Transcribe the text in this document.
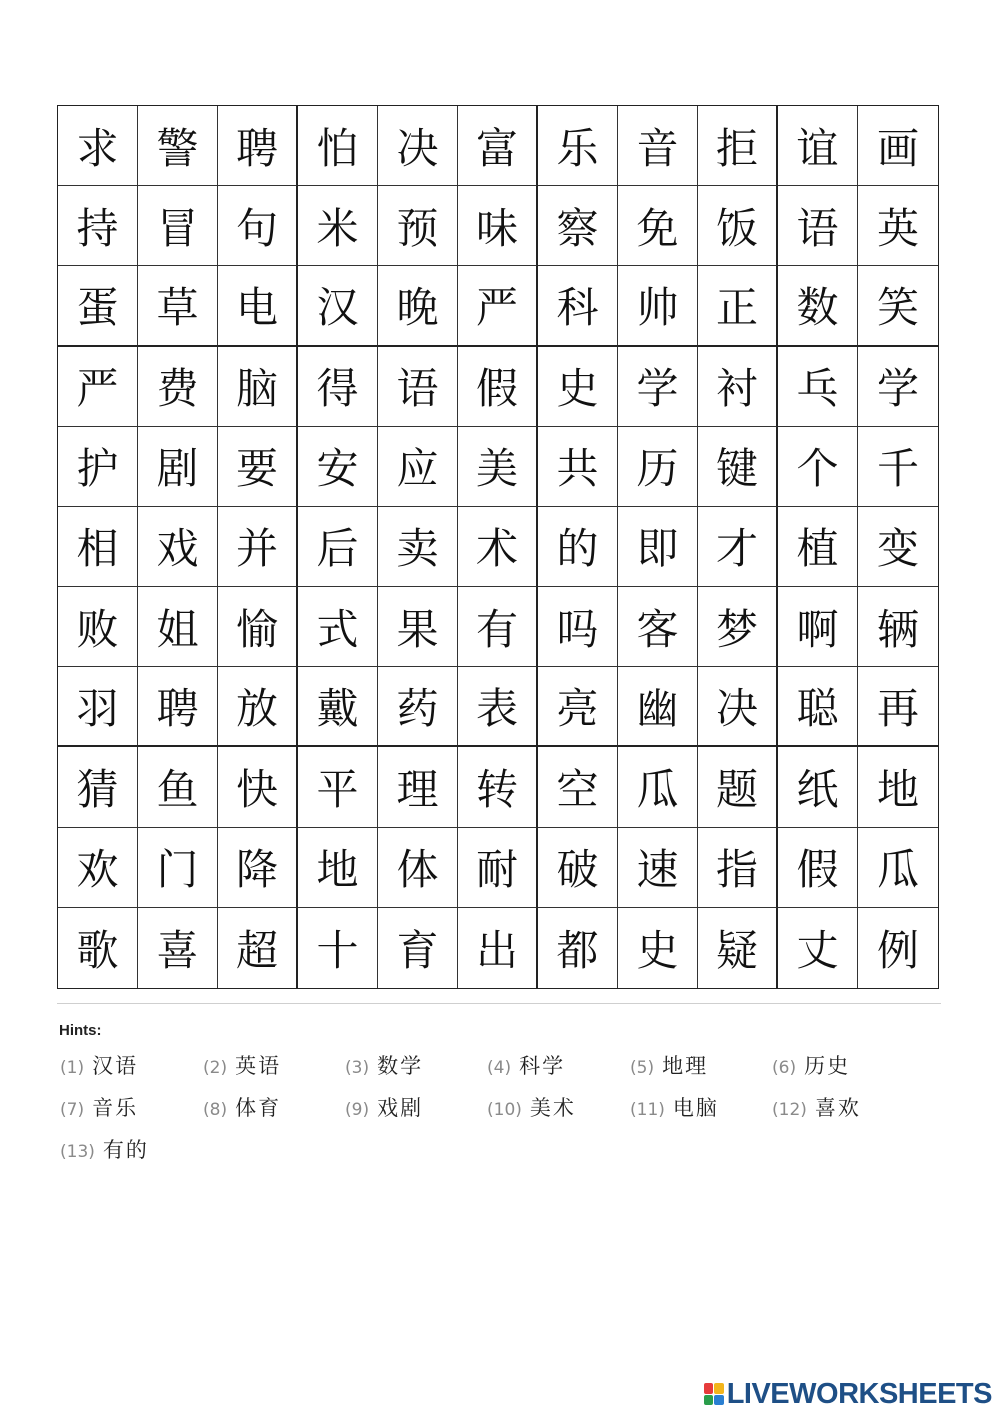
求 警 聘 怕 决 富 乐 音 拒 谊 画
持 冒 句 米 预 味 察 免 饭 语 英
蛋 草 电 汉 晚 严 科 帅 正 数 笑
严 费 脑 得 语 假 史 学 衬 乓 学
护 剧 要 安 应 美 共 历 键 个 千
相 戏 并 后 卖 术 的 即 才 植 变
败 姐 愉 式 果 有 吗 客 梦 啊 辆
羽 聘 放 戴 药 表 亮 幽 决 聪 再
猜 鱼 快 平 理 转 空 瓜 题 纸 地
欢 门 降 地 体 耐 破 速 指 假 瓜
歌 喜 超 十 育 出 都 史 疑 丈 例
Hints:
(1) 汉语	(2) 英语	(3) 数学	(4) 科学	(5) 地理	(6) 历史
(7) 音乐	(8) 体育	(9) 戏剧	(10) 美术	(11) 电脑	(12) 喜欢
(13) 有的
LIVEWORKSHEETS
